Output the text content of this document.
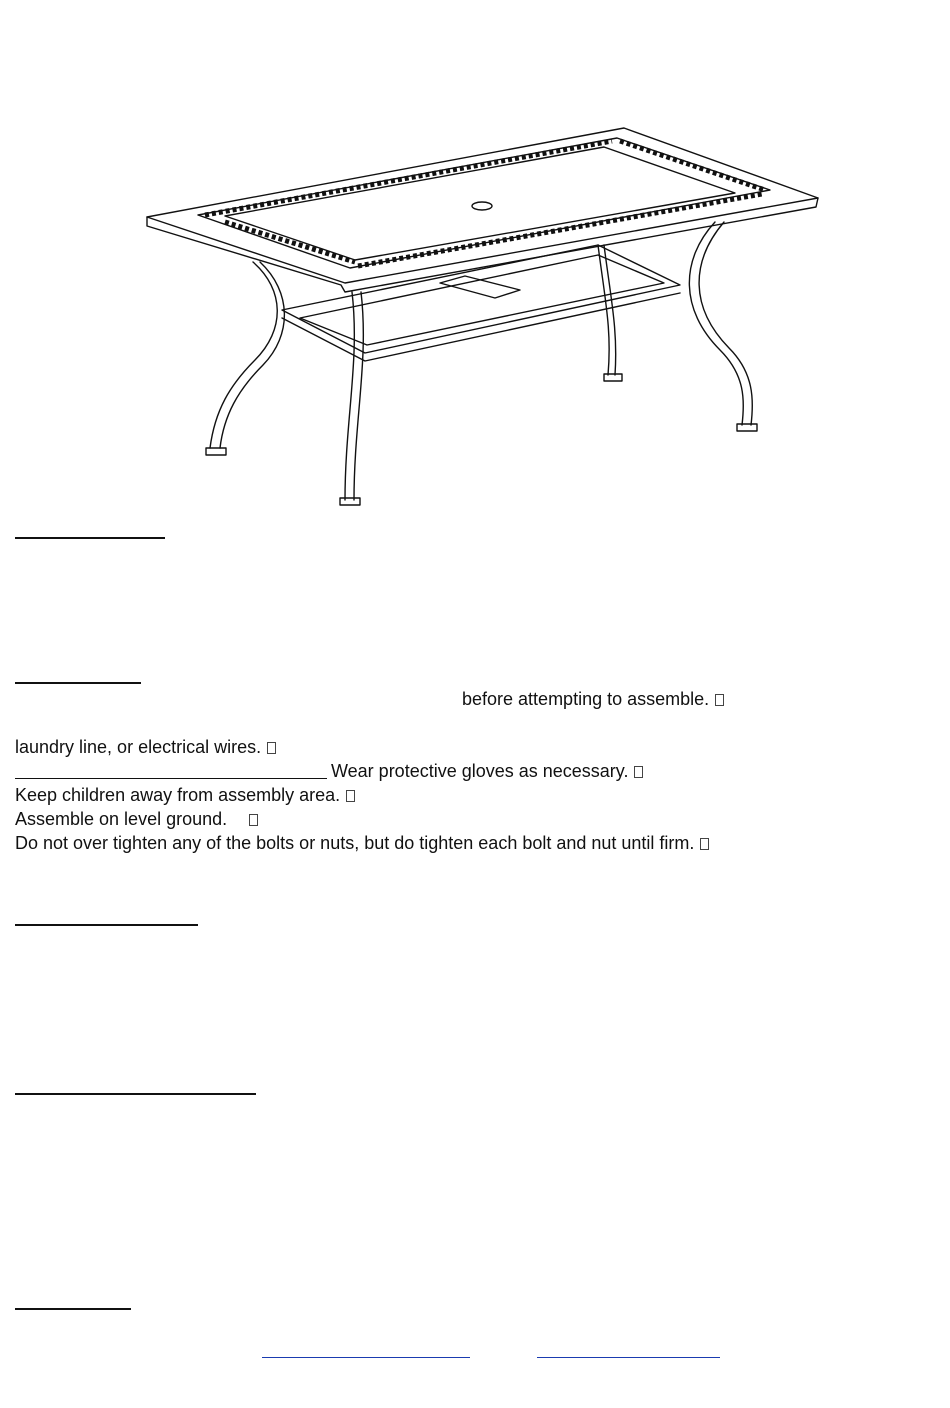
before attempting to assemble.
laundry line, or electrical wires.
Wear protective gloves as necessary.
Keep children away from assembly area.
Assemble on level ground.
Do not over tighten any of the bolts or nuts, but do tighten each bolt and nut until firm.
